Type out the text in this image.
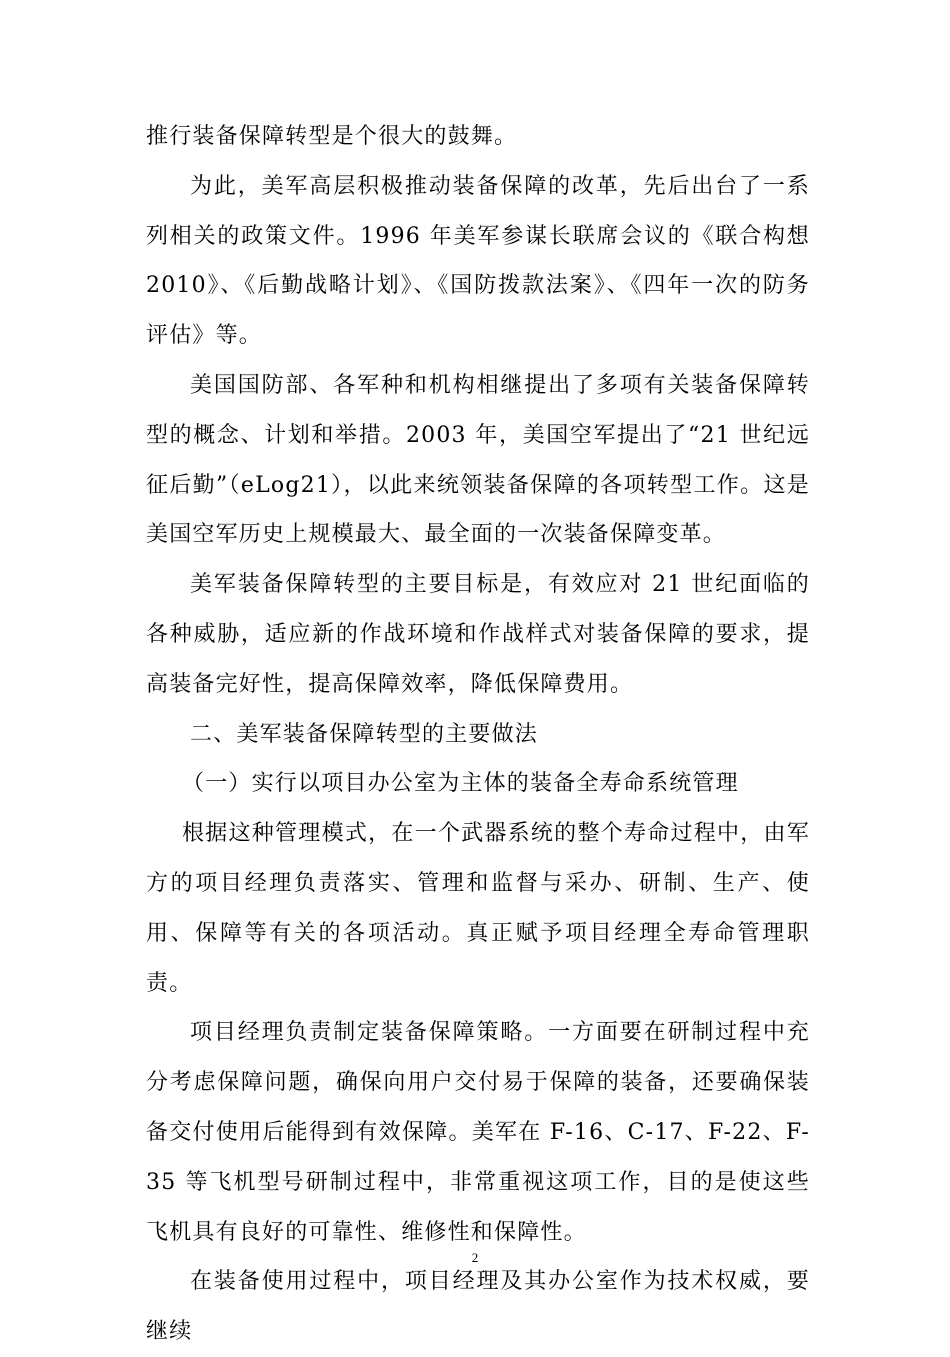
推行装备保障转型是个很大的鼓舞。

为此，美军高层积极推动装备保障的改革，先后出台了一系列相关的政策文件。1996 年美军参谋长联席会议的《联合构想 2010》、《后勤战略计划》、《国防拨款法案》、《四年一次的防务评估》等。

美国国防部、各军种和机构相继提出了多项有关装备保障转型的概念、计划和举措。2003 年，美国空军提出了“21 世纪远征后勤”（eLog21），以此来统领装备保障的各项转型工作。这是美国空军历史上规模最大、最全面的一次装备保障变革。

美军装备保障转型的主要目标是，有效应对 21 世纪面临的各种威胁，适应新的作战环境和作战样式对装备保障的要求，提高装备完好性，提高保障效率，降低保障费用。

二、美军装备保障转型的主要做法

（一）实行以项目办公室为主体的装备全寿命系统管理

根据这种管理模式，在一个武器系统的整个寿命过程中，由军方的项目经理负责落实、管理和监督与采办、研制、生产、使用、保障等有关的各项活动。真正赋予项目经理全寿命管理职责。

项目经理负责制定装备保障策略。一方面要在研制过程中充分考虑保障问题，确保向用户交付易于保障的装备，还要确保装备交付使用后能得到有效保障。美军在 F-16、C-17、F-22、F-35 等飞机型号研制过程中，非常重视这项工作，目的是使这些飞机具有良好的可靠性、维修性和保障性。

在装备使用过程中，项目经理及其办公室作为技术权威，要继续

2
